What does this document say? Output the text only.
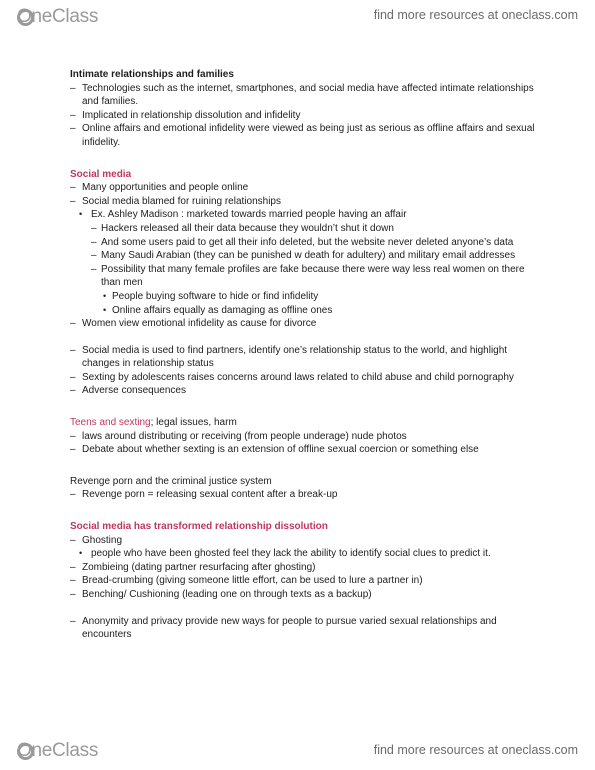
OneClass	find more resources at oneclass.com

Intimate relationships and families

– Technologies such as the internet, smartphones, and social media have affected intimate relationships and families.
– Implicated in relationship dissolution and infidelity
– Online affairs and emotional infidelity were viewed as being just as serious as offline affairs and sexual infidelity.

Social media

– Many opportunities and people online
– Social media blamed for ruining relationships
• Ex. Ashley Madison : marketed towards married people having an affair
– Hackers released all their data because they wouldn’t shut it down
– And some users paid to get all their info deleted, but the website never deleted anyone’s data
– Many Saudi Arabian (they can be punished w death for adultery) and military email addresses
– Possibility that many female profiles are fake because there were way less real women on there than men
• People buying software to hide or find infidelity
• Online affairs equally as damaging as offline ones
– Women view emotional infidelity as cause for divorce
– Social media is used to find partners, identify one’s relationship status to the world, and highlight changes in relationship status
– Sexting by adolescents raises concerns around laws related to child abuse and child pornography
– Adverse consequences

Teens and sexting; legal issues, harm

– laws around distributing or receiving (from people underage) nude photos
– Debate about whether sexting is an extension of offline sexual coercion or something else

Revenge porn and the criminal justice system

– Revenge porn = releasing sexual content after a break-up

Social media has transformed relationship dissolution

– Ghosting
• people who have been ghosted feel they lack the ability to identify social clues to predict it.
– Zombieing (dating partner resurfacing after ghosting)
– Bread-crumbing (giving someone little effort, can be used to lure a partner in)
– Benching/ Cushioning (leading one on through texts as a backup)
– Anonymity and privacy provide new ways for people to pursue varied sexual relationships and encounters
OneClass	find more resources at oneclass.com
